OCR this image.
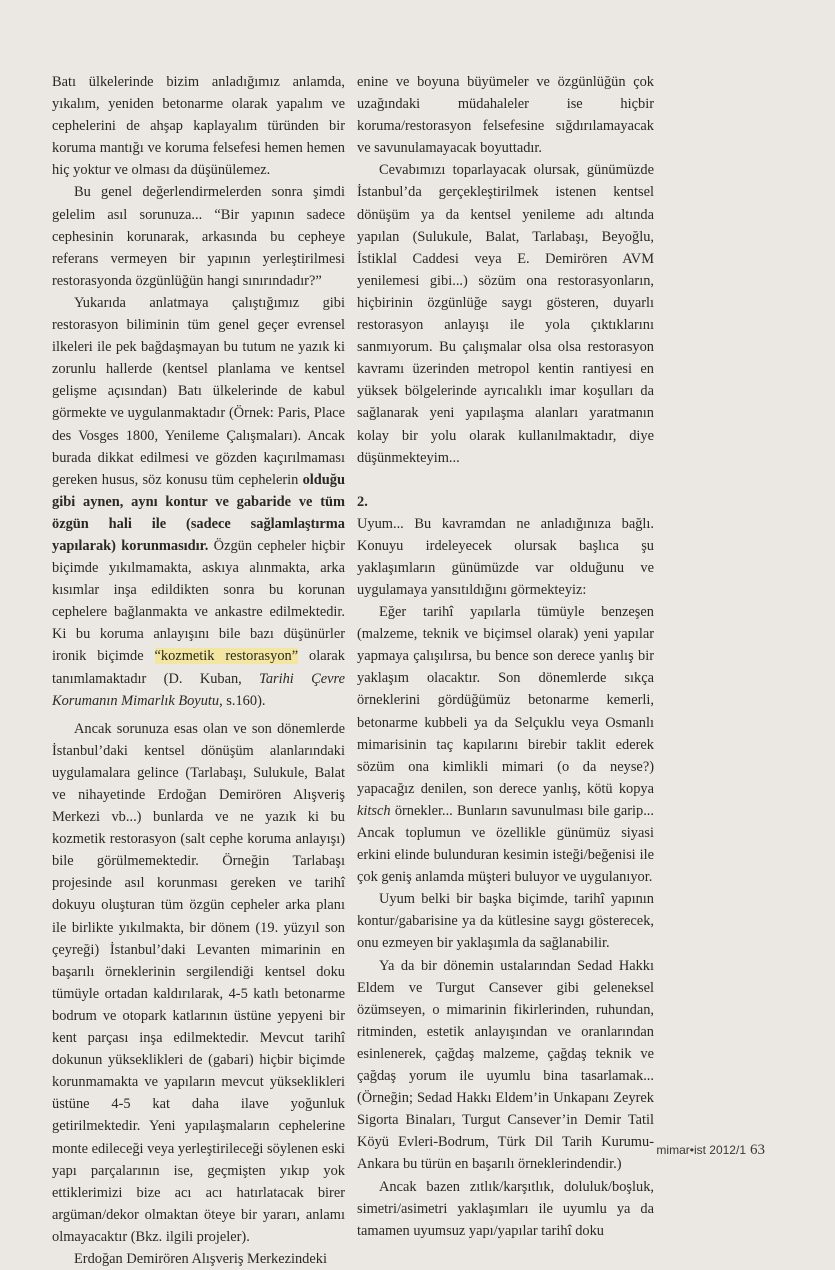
Batı ülkelerinde bizim anladığımız anlamda, yıkalım, yeniden betonarme olarak yapalım ve cephelerini de ahşap kaplayalım türünden bir koruma mantığı ve koruma felsefesi hemen hemen hiç yoktur ve olması da düşünülemez.

Bu genel değerlendirmelerden sonra şimdi gelelim asıl sorunuza... “Bir yapının sadece cephesinin korunarak, arkasında bu cepheye referans vermeyen bir yapının yerleştirilmesi restorasyonda özgünlüğün hangi sınırındadır?”

Yukarıda anlatmaya çalıştığımız gibi restorasyon biliminin tüm genel geçer evrensel ilkeleri ile pek bağdaşmayan bu tutum ne yazık ki zorunlu hallerde (kentsel planlama ve kentsel gelişme açısından) Batı ülkelerinde de kabul görmekte ve uygulanmaktadır (Örnek: Paris, Place des Vosges 1800, Yenileme Çalışmaları). Ancak burada dikkat edilmesi ve gözden kaçırılmaması gereken husus, söz konusu tüm cephelerin olduğu gibi aynen, aynı kontur ve gabaride ve tüm özgün hali ile (sadece sağlamlaştırma yapılarak) korunmasıdır. Özgün cepheler hiçbir biçimde yıkılmamakta, askıya alınmakta, arka kısımlar inşa edildikten sonra bu korunan cephelere bağlanmakta ve ankastre edilmektedir. Ki bu koruma anlayışını bile bazı düşünürler ironik biçimde “kozmetik restorasyon” olarak tanımlamaktadır (D. Kuban, Tarihi Çevre Korumanın Mimarlık Boyutu, s.160).

Ancak sorunuza esas olan ve son dönemlerde İstanbul’daki kentsel dönüşüm alanlarındaki uygulamalara gelince (Tarlabaşı, Sulukule, Balat ve nihayetinde Erdoğan Demirören Alışveriş Merkezi vb...) bunlarda ve ne yazık ki bu kozmetik restorasyon (salt cephe koruma anlayışı) bile görülmemektedir. Örneğin Tarlabaşı projesinde asıl korunması gereken ve tarihî dokuyu oluşturan tüm özgün cepheler arka planı ile birlikte yıkılmakta, bir dönem (19. yüzyıl son çeyreği) İstanbul’daki Levanten mimarinin en başarılı örneklerinin sergilendiği kentsel doku tümüyle ortadan kaldırılarak, 4-5 katlı betonarme bodrum ve otopark katlarının üstüne yepyeni bir kent parçası inşa edilmektedir. Mevcut tarihî dokunun yükseklikleri de (gabari) hiçbir biçimde korunmamakta ve yapıların mevcut yükseklikleri üstüne 4-5 kat daha ilave yoğunluk getirilmektedir. Yeni yapılaşmaların cephelerine monte edileceği veya yerleştirileceği söylenen eski yapı parçalarının ise, geçmişten yıkıp yok ettiklerimizi bize acı acı hatırlatacak birer argüman/dekor olmaktan öteye bir yararı, anlamı olmayacaktır (Bkz. ilgili projeler).

Erdoğan Demirören Alışveriş Merkezindeki

enine ve boyuna büyümeler ve özgünlüğün çok uzağındaki müdahaleler ise hiçbir koruma/restorasyon felsefesine sığdırılamayacak ve savunulamayacak boyuttadır.

Cevabımızı toparlayacak olursak, günümüzde İstanbul’da gerçekleştirilmek istenen kentsel dönüşüm ya da kentsel yenileme adı altında yapılan (Sulukule, Balat, Tarlabaşı, Beyoğlu, İstiklal Caddesi veya E. Demirören AVM yenilemesi gibi...) sözüm ona restorasyonların, hiçbirinin özgünlüğe saygı gösteren, duyarlı restorasyon anlayışı ile yola çıktıklarını sanmıyorum. Bu çalışmalar olsa olsa restorasyon kavramı üzerinden metropol kentin rantiyesi en yüksek bölgelerinde ayrıcalıklı imar koşulları da sağlanarak yeni yapılaşma alanları yaratmanın kolay bir yolu olarak kullanılmaktadır, diye düşünmekteyim...

2.

Uyum... Bu kavramdan ne anladığınıza bağlı. Konuyu irdeleyecek olursak başlıca şu yaklaşımların günümüzde var olduğunu ve uygulamaya yansıtıldığını görmekteyiz:

Eğer tarihî yapılarla tümüyle benzeşen (malzeme, teknik ve biçimsel olarak) yeni yapılar yapmaya çalışılırsa, bu bence son derece yanlış bir yaklaşım olacaktır. Son dönemlerde sıkça örneklerini gördüğümüz betonarme kemerli, betonarme kubbeli ya da Selçuklu veya Osmanlı mimarisinin taç kapılarını birebir taklit ederek sözüm ona kimlikli mimari (o da neyse?) yapacağız denilen, son derece yanlış, kötü kopya kitsch örnekler... Bunların savunulması bile garip... Ancak toplumun ve özellikle günümüz siyasi erkini elinde bulunduran kesimin isteği/beğenisi ile çok geniş anlamda müşteri buluyor ve uygulanıyor.

Uyum belki bir başka biçimde, tarihî yapının kontur/gabarisine ya da kütlesine saygı gösterecek, onu ezmeyen bir yaklaşımla da sağlanabilir.

Ya da bir dönemin ustalarından Sedad Hakkı Eldem ve Turgut Cansever gibi geleneksel özümseyen, o mimarinin fikirlerinden, ruhundan, ritminden, estetik anlayışından ve oranlarından esinlenerek, çağdaş malzeme, çağdaş teknik ve çağdaş yorum ile uyumlu bina tasarlamak... (Örneğin; Sedad Hakkı Eldem’in Unkapanı Zeyrek Sigorta Binaları, Turgut Cansever’in Demir Tatil Köyü Evleri-Bodrum, Türk Dil Tarih Kurumu-Ankara bu türün en başarılı örneklerindendir.)

Ancak bazen zıtlık/karşıtlık, doluluk/boşluk, simetri/asimetri yaklaşımları ile uyumlu ya da tamamen uyumsuz yapı/yapılar tarihî doku

mimar•ist 2012/1 63
